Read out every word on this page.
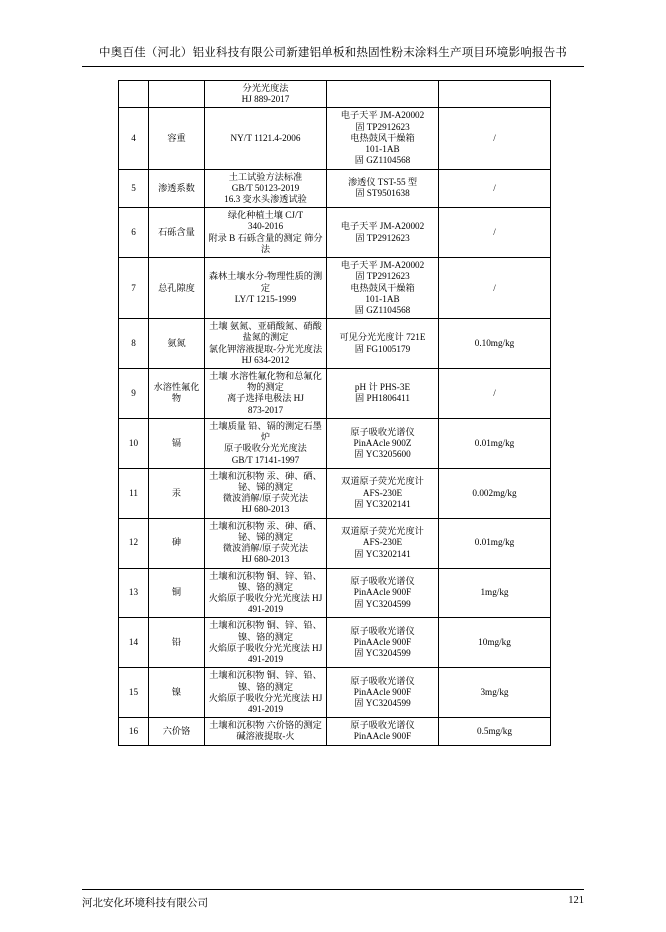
中奥百佳（河北）铝业科技有限公司新建铝单板和热固性粉末涂料生产项目环境影响报告书
		分光光度法
HJ 889-2017		
4	容重	NY/T 1121.4-2006	电子天平 JM-A20002
固 TP2912623
电热鼓风干燥箱
101-1AB
固 GZ1104568	/
5	渗透系数	土工试验方法标准
GB/T 50123-2019
16.3 变水头渗透试验	渗透仪 TST-55 型
固 ST9501638	/
6	石砾含量	绿化种植土壤 CJ/T
340-2016
附录 B 石砾含量的测定 筛分法	电子天平 JM-A20002
固 TP2912623	/
7	总孔隙度	森林土壤水分-物理性质的测定
LY/T 1215-1999	电子天平 JM-A20002
固 TP2912623
电热鼓风干燥箱
101-1AB
固 GZ1104568	/
8	氨氮	土壤 氨氮、亚硝酸氮、硝酸盐氮的测定
氯化钾溶液提取-分光光度法
HJ 634-2012	可见分光光度计 721E
固 FG1005179	0.10mg/kg
9	水溶性氟化物	土壤 水溶性氟化物和总氟化物的测定
离子选择电极法 HJ
873-2017	pH 计 PHS-3E
固 PH1806411	/
10	镉	土壤质量 铅、镉的测定石墨炉
原子吸收分光光度法
GB/T 17141-1997	原子吸收光谱仪
PinAAcle 900Z
固 YC3205600	0.01mg/kg
11	汞	土壤和沉积物 汞、砷、硒、铋、锑的测定
微波消解/原子荧光法
HJ 680-2013	双道原子荧光光度计
AFS-230E
固 YC3202141	0.002mg/kg
12	砷	土壤和沉积物 汞、砷、硒、铋、锑的测定
微波消解/原子荧光法
HJ 680-2013	双道原子荧光光度计
AFS-230E
固 YC3202141	0.01mg/kg
13	铜	土壤和沉积物 铜、锌、铅、镍、铬的测定
火焰原子吸收分光光度法 HJ 491-2019	原子吸收光谱仪
PinAAcle 900F
固 YC3204599	1mg/kg
14	铅	土壤和沉积物 铜、锌、铅、镍、铬的测定
火焰原子吸收分光光度法 HJ 491-2019	原子吸收光谱仪
PinAAcle 900F
固 YC3204599	10mg/kg
15	镍	土壤和沉积物 铜、锌、铅、镍、铬的测定
火焰原子吸收分光光度法 HJ 491-2019	原子吸收光谱仪
PinAAcle 900F
固 YC3204599	3mg/kg
16	六价铬	土壤和沉积物 六价铬的测定 碱溶液提取-火	原子吸收光谱仪
PinAAcle 900F	0.5mg/kg
河北安化环境科技有限公司	121
